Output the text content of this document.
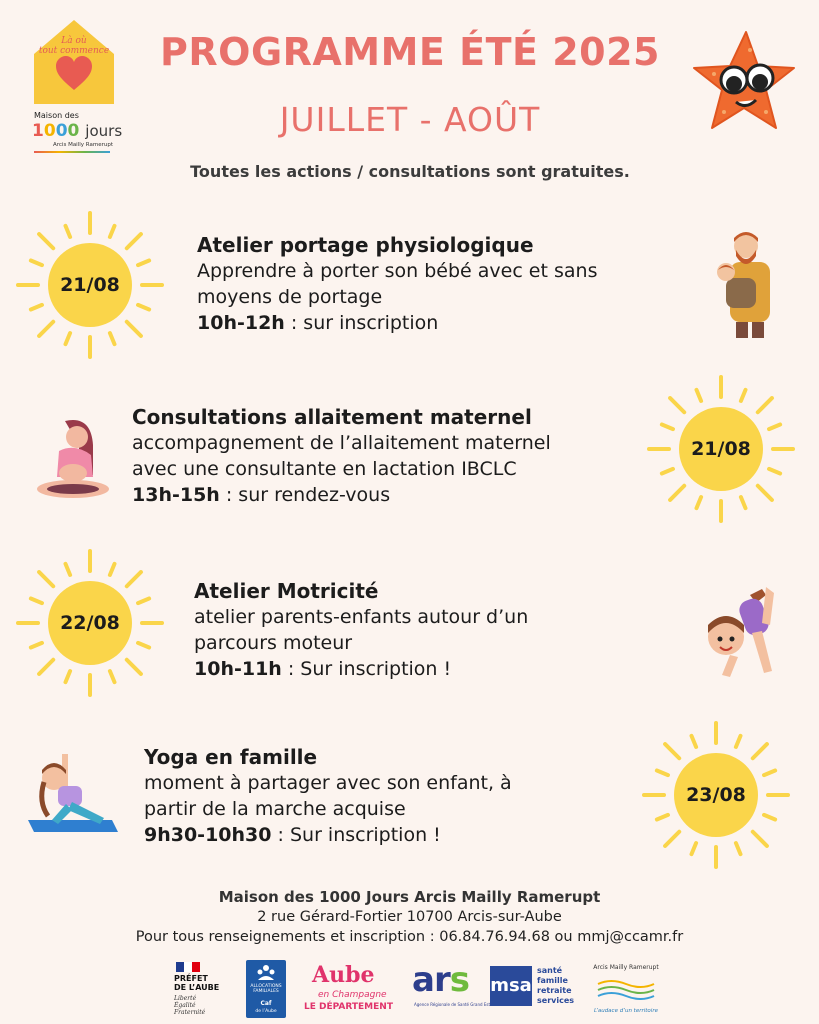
Là où
tout commence
Maison des
1000 jours
Arcis Mailly Ramerupt
PROGRAMME ÉTÉ 2025
JUILLET - AOÛT
Toutes les actions / consultations sont gratuites.
21/08
Atelier portage physiologique
Apprendre à porter son bébé avec et sans
moyens de portage
10h-12h : sur inscription
21/08
Consultations allaitement maternel
accompagnement de l’allaitement maternel
avec une consultante en lactation IBCLC
13h-15h : sur rendez-vous
22/08
Atelier Motricité
atelier parents-enfants autour d’un
parcours moteur
10h-11h : Sur inscription !
23/08
Yoga en famille
moment à partager avec son enfant, à
partir de la marche acquise
9h30-10h30 : Sur inscription !
Maison des 1000 Jours Arcis Mailly Ramerupt
2 rue Gérard-Fortier 10700 Arcis-sur-Aube
Pour tous renseignements et inscription : 06.84.76.94.68 ou mmj@ccamr.fr
PRÉFET
DE L’AUBE
Liberté
Égalité
Fraternité
ALLOCATIONS
FAMILIALES
Caf
de l’Aube
Aube
en Champagne
LE DÉPARTEMENT
ars
Agence Régionale de Santé Grand Est
msa
santé
famille
retraite
services
Arcis Mailly Ramerupt
L’audace d’un territoire
